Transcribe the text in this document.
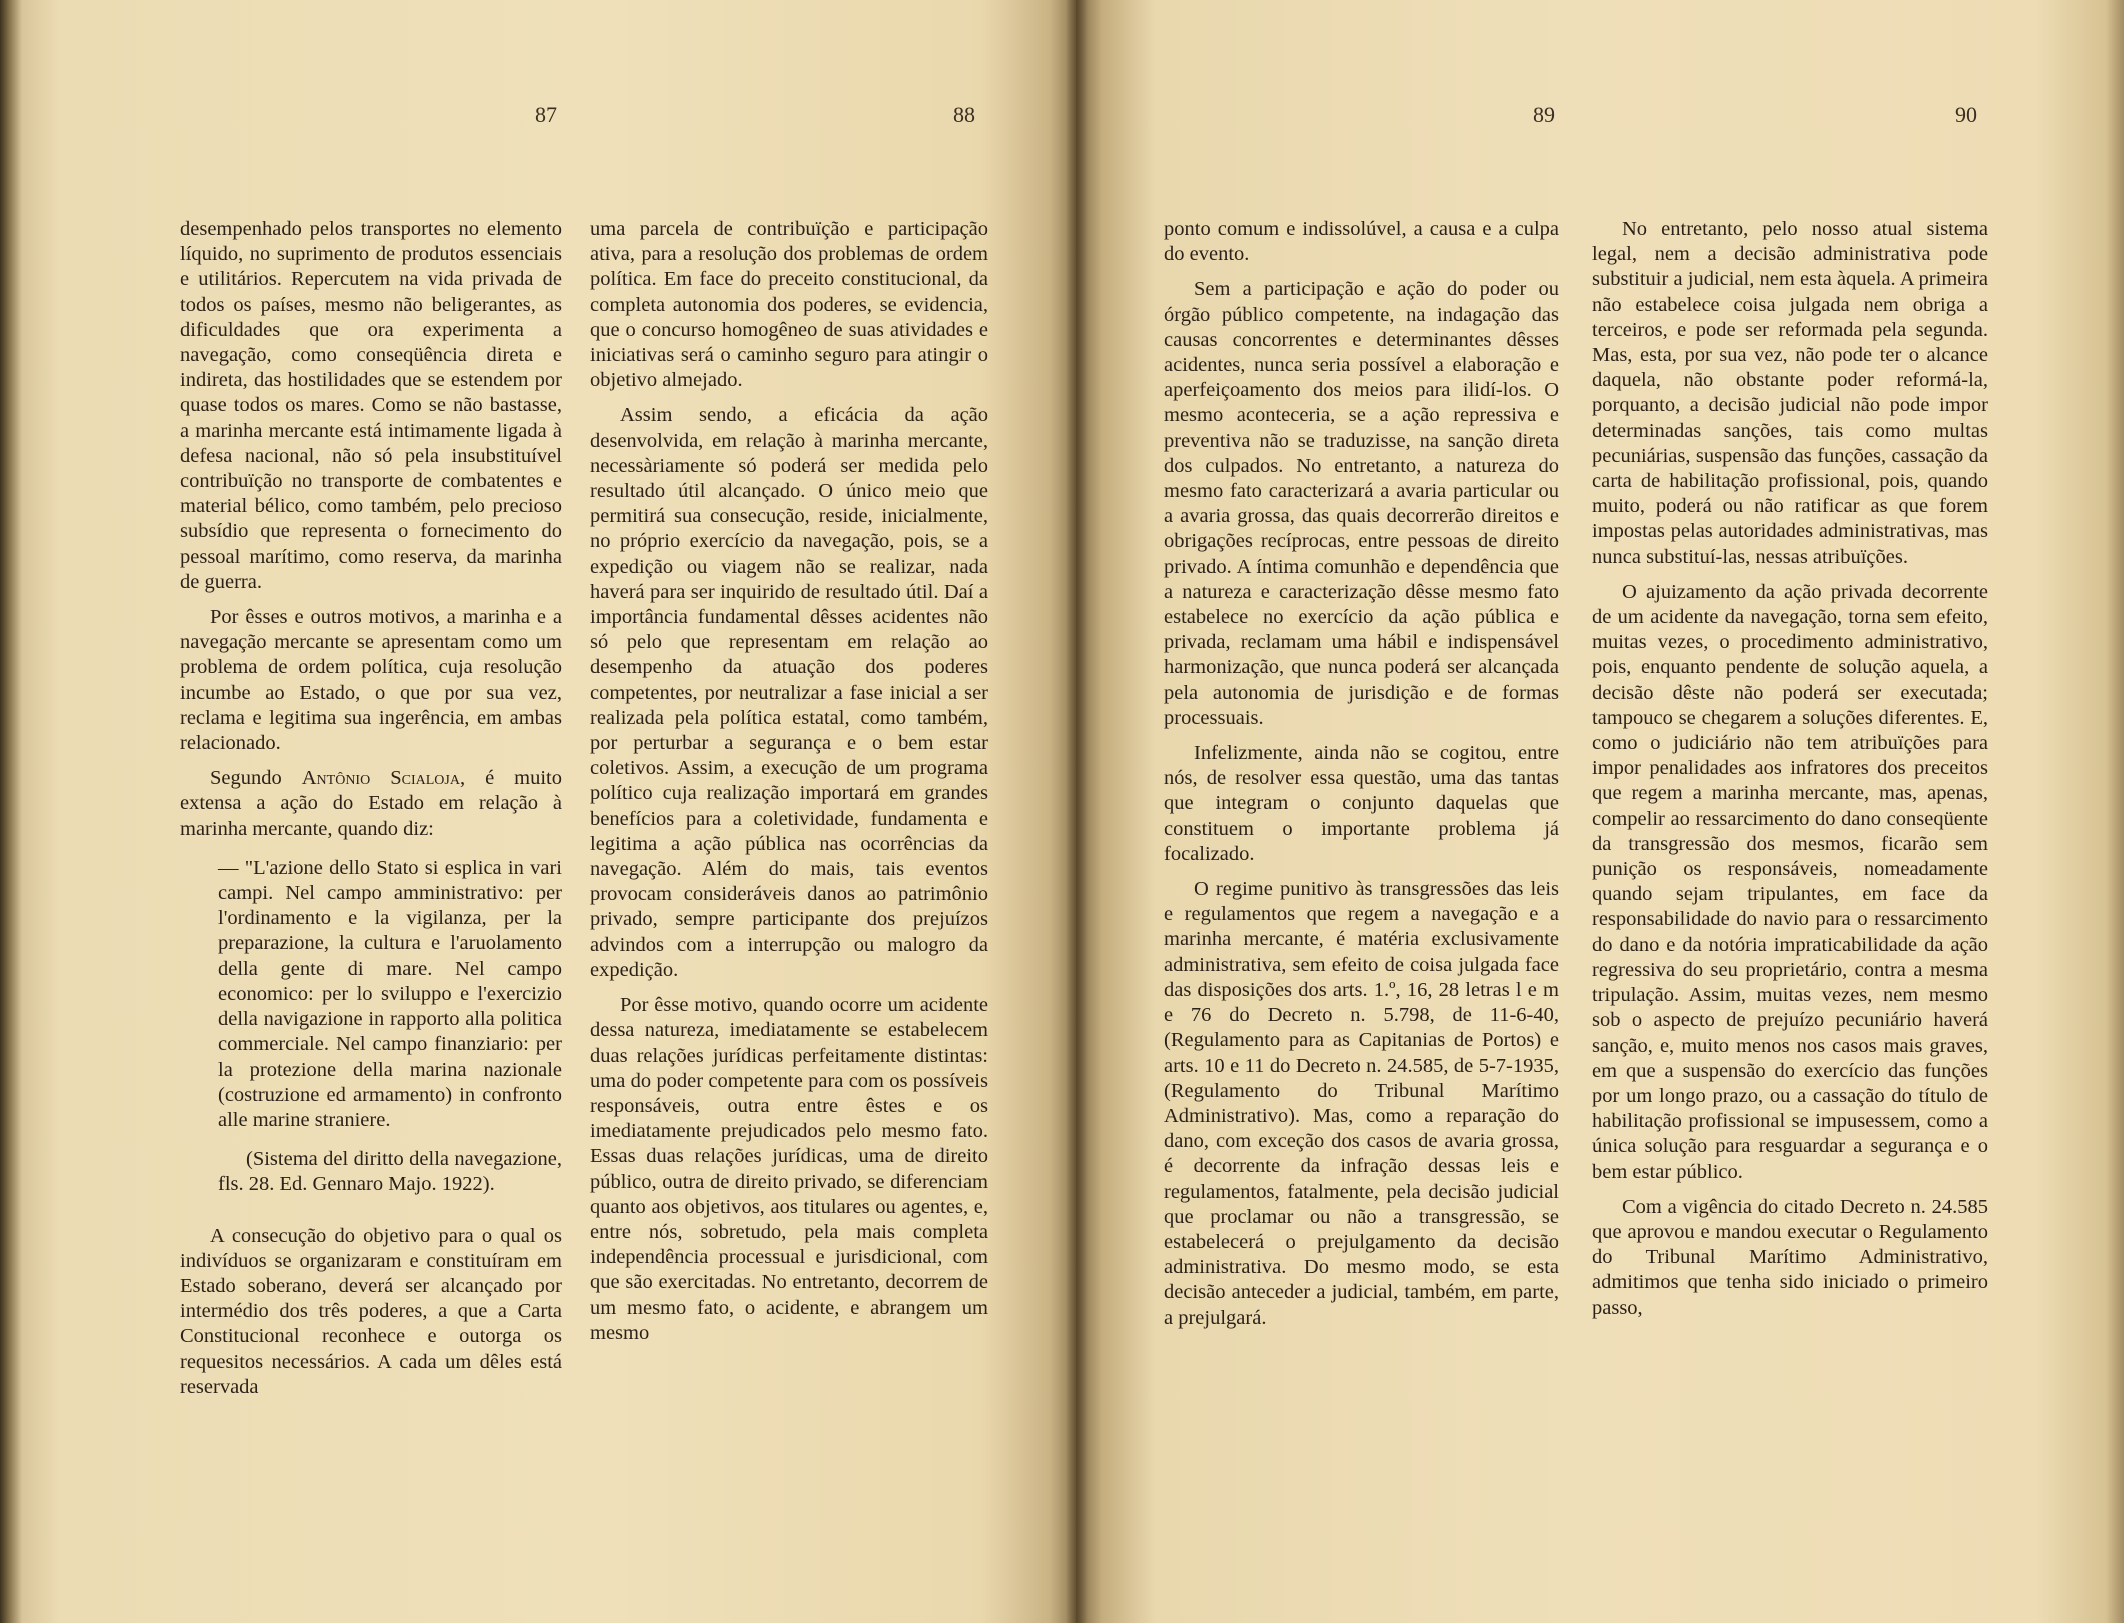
87	88	89	90

desempenhado pelos transportes no elemento líquido, no suprimento de produtos essenciais e utilitários. Repercutem na vida privada de todos os países, mesmo não beligerantes, as dificuldades que ora experimenta a navegação, como conseqüência direta e indireta, das hostilidades que se estendem por quase todos os mares. Como se não bastasse, a marinha mercante está intimamente ligada à defesa nacional, não só pela insubstituível contribuïção no transporte de combatentes e material bélico, como também, pelo precioso subsídio que representa o fornecimento do pessoal marítimo, como reserva, da marinha de guerra.

Por êsses e outros motivos, a marinha e a navegação mercante se apresentam como um problema de ordem política, cuja resolução incumbe ao Estado, o que por sua vez, reclama e legitima sua ingerência, em ambas relacionado.

Segundo Antônio Scialoja, é muito extensa a ação do Estado em relação à marinha mercante, quando diz:

— "L'azione dello Stato si esplica in vari campi. Nel campo amministrativo: per l'ordinamento e la vigilanza, per la preparazione, la cultura e l'aruolamento della gente di mare. Nel campo economico: per lo sviluppo e l'exercizio della navigazione in rapporto alla politica commerciale. Nel campo finanziario: per la protezione della marina nazionale (costruzione ed armamento) in confronto alle marine straniere.

(Sistema del diritto della navegazione, fls. 28. Ed. Gennaro Majo. 1922).

A consecução do objetivo para o qual os indivíduos se organizaram e constituíram em Estado soberano, deverá ser alcançado por intermédio dos três poderes, a que a Carta Constitucional reconhece e outorga os requesitos necessários. A cada um dêles está reservada

uma parcela de contribuïção e participação ativa, para a resolução dos problemas de ordem política. Em face do preceito constitucional, da completa autonomia dos poderes, se evidencia, que o concurso homogêneo de suas atividades e iniciativas será o caminho seguro para atingir o objetivo almejado.

Assim sendo, a eficácia da ação desenvolvida, em relação à marinha mercante, necessàriamente só poderá ser medida pelo resultado útil alcançado. O único meio que permitirá sua consecução, reside, inicialmente, no próprio exercício da navegação, pois, se a expedição ou viagem não se realizar, nada haverá para ser inquirido de resultado útil. Daí a importância fundamental dêsses acidentes não só pelo que representam em relação ao desempenho da atuação dos poderes competentes, por neutralizar a fase inicial a ser realizada pela política estatal, como também, por perturbar a segurança e o bem estar coletivos. Assim, a execução de um programa político cuja realização importará em grandes benefícios para a coletividade, fundamenta e legitima a ação pública nas ocorrências da navegação. Além do mais, tais eventos provocam consideráveis danos ao patrimônio privado, sempre participante dos prejuízos advindos com a interrupção ou malogro da expedição.

Por êsse motivo, quando ocorre um acidente dessa natureza, imediatamente se estabelecem duas relações jurídicas perfeitamente distintas: uma do poder competente para com os possíveis responsáveis, outra entre êstes e os imediatamente prejudicados pelo mesmo fato. Essas duas relações jurídicas, uma de direito público, outra de direito privado, se diferenciam quanto aos objetivos, aos titulares ou agentes, e, entre nós, sobretudo, pela mais completa independência processual e jurisdicional, com que são exercitadas. No entretanto, decorrem de um mesmo fato, o acidente, e abrangem um mesmo

ponto comum e indissolúvel, a causa e a culpa do evento.

Sem a participação e ação do poder ou órgão público competente, na indagação das causas concorrentes e determinantes dêsses acidentes, nunca seria possível a elaboração e aperfeiçoamento dos meios para ilidí-los. O mesmo aconteceria, se a ação repressiva e preventiva não se traduzisse, na sanção direta dos culpados. No entretanto, a natureza do mesmo fato caracterizará a avaria particular ou a avaria grossa, das quais decorrerão direitos e obrigações recíprocas, entre pessoas de direito privado. A íntima comunhão e dependência que a natureza e caracterização dêsse mesmo fato estabelece no exercício da ação pública e privada, reclamam uma hábil e indispensável harmonização, que nunca poderá ser alcançada pela autonomia de jurisdição e de formas processuais.

Infelizmente, ainda não se cogitou, entre nós, de resolver essa questão, uma das tantas que integram o conjunto daquelas que constituem o importante problema já focalizado.

O regime punitivo às transgressões das leis e regulamentos que regem a navegação e a marinha mercante, é matéria exclusivamente administrativa, sem efeito de coisa julgada face das disposições dos arts. 1.º, 16, 28 letras l e m e 76 do Decreto n. 5.798, de 11-6-40, (Regulamento para as Capitanias de Portos) e arts. 10 e 11 do Decreto n. 24.585, de 5-7-1935, (Regulamento do Tribunal Marítimo Administrativo). Mas, como a reparação do dano, com exceção dos casos de avaria grossa, é decorrente da infração dessas leis e regulamentos, fatalmente, pela decisão judicial que proclamar ou não a transgressão, se estabelecerá o prejulgamento da decisão administrativa. Do mesmo modo, se esta decisão anteceder a judicial, também, em parte, a prejulgará.

No entretanto, pelo nosso atual sistema legal, nem a decisão administrativa pode substituir a judicial, nem esta àquela. A primeira não estabelece coisa julgada nem obriga a terceiros, e pode ser reformada pela segunda. Mas, esta, por sua vez, não pode ter o alcance daquela, não obstante poder reformá-la, porquanto, a decisão judicial não pode impor determinadas sanções, tais como multas pecuniárias, suspensão das funções, cassação da carta de habilitação profissional, pois, quando muito, poderá ou não ratificar as que forem impostas pelas autoridades administrativas, mas nunca substituí-las, nessas atribuïções.

O ajuizamento da ação privada decorrente de um acidente da navegação, torna sem efeito, muitas vezes, o procedimento administrativo, pois, enquanto pendente de solução aquela, a decisão dêste não poderá ser executada; tampouco se chegarem a soluções diferentes. E, como o judiciário não tem atribuïções para impor penalidades aos infratores dos preceitos que regem a marinha mercante, mas, apenas, compelir ao ressarcimento do dano conseqüente da transgressão dos mesmos, ficarão sem punição os responsáveis, nomeadamente quando sejam tripulantes, em face da responsabilidade do navio para o ressarcimento do dano e da notória impraticabilidade da ação regressiva do seu proprietário, contra a mesma tripulação. Assim, muitas vezes, nem mesmo sob o aspecto de prejuízo pecuniário haverá sanção, e, muito menos nos casos mais graves, em que a suspensão do exercício das funções por um longo prazo, ou a cassação do título de habilitação profissional se impusessem, como a única solução para resguardar a segurança e o bem estar público.

Com a vigência do citado Decreto n. 24.585 que aprovou e mandou executar o Regulamento do Tribunal Marítimo Administrativo, admitimos que tenha sido iniciado o primeiro passo,
